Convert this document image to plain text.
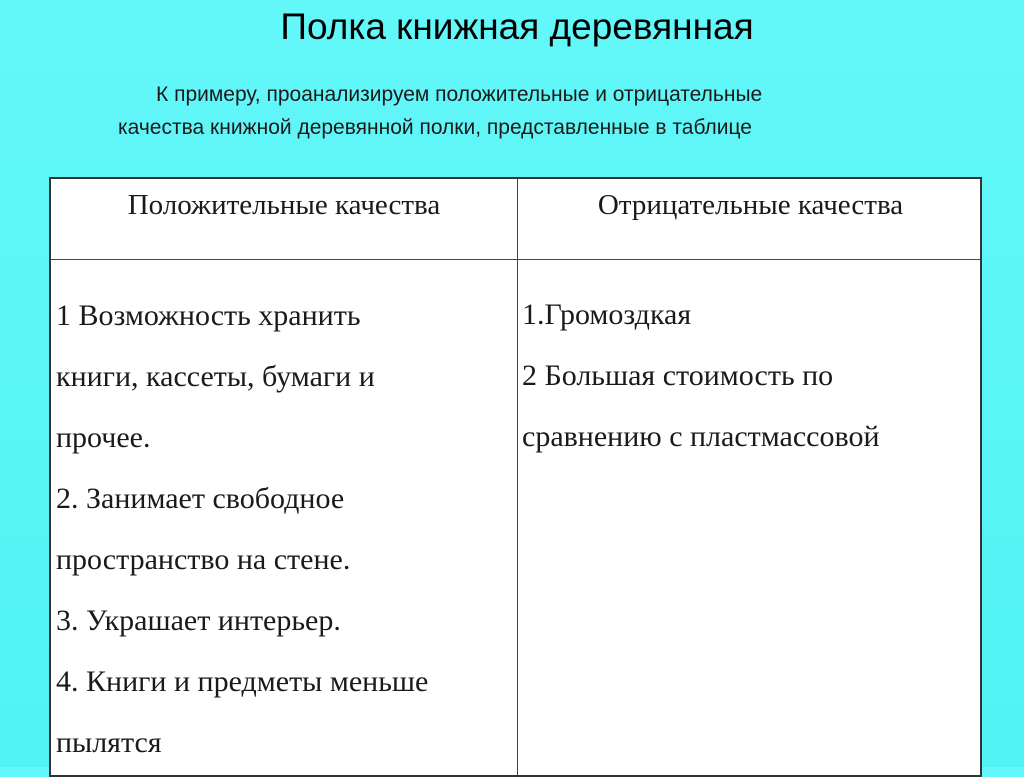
Полка книжная деревянная
К примеру, проанализируем положительные и отрицательные
качества книжной деревянной полки, представленные в таблице
Положительные качества	Отрицательные качества
1 Возможность хранить
книги, кассеты, бумаги и
прочее.
2. Занимает свободное
пространство на стене.
3. Украшает интерьер.
4. Книги и предметы меньше
пылятся
1.Громоздкая
2 Большая стоимость по
сравнению с пластмассовой
